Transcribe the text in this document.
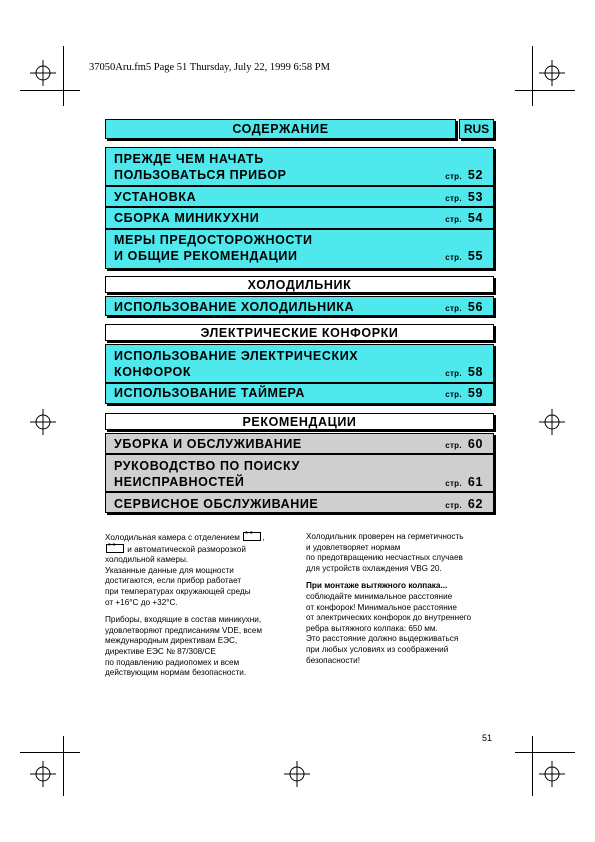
37050Aru.fm5 Page 51 Thursday, July 22, 1999 6:58 PM
СОДЕРЖАНИЕ	RUS
ПРЕЖДЕ ЧЕМ НАЧАТЬ
ПОЛЬЗОВАТЬСЯ ПРИБОР	стр. 52
УСТАНОВКА	стр. 53
СБОРКА МИНИКУХНИ	стр. 54
МЕРЫ ПРЕДОСТОРОЖНОСТИ
И ОБЩИЕ РЕКОМЕНДАЦИИ	стр. 55
ХОЛОДИЛЬНИК
ИСПОЛЬЗОВАНИЕ ХОЛОДИЛЬНИКА	стр. 56
ЭЛЕКТРИЧЕСКИЕ КОНФОРКИ
ИСПОЛЬЗОВАНИЕ ЭЛЕКТРИЧЕСКИХ
КОНФОРОК	стр. 58
ИСПОЛЬЗОВАНИЕ ТАЙМЕРА	стр. 59
РЕКОМЕНДАЦИИ
УБОРКА И ОБСЛУЖИВАНИЕ	стр. 60
РУКОВОДСТВО ПО ПОИСКУ
НЕИСПРАВНОСТЕЙ	стр. 61
СЕРВИСНОЕ ОБСЛУЖИВАНИЕ	стр. 62

Холодильная камера с отделением * *	,
* * и автоматической разморозкой
холодильной камеры.
Указанные данные для мощности
достигаются, если прибор работает
при температурах окружающей среды
от +16°C до +32°C.

Приборы, входящие в состав миникухни,
удовлетворяют предписаниям VDE, всем
международным директивам ЕЭС,
директиве ЕЭС № 87/308/CE
по подавлению радиопомех и всем
действующим нормам безопасности.

Холодильник проверен на герметичность
и удовлетворяет нормам
по предотвращению несчастных случаев
для устройств охлаждения VBG 20.

При монтаже вытяжного колпака...
соблюдайте минимальное расстояние
от конфорок! Минимальное расстояние
от электрических конфорок до внутреннего
ребра вытяжного колпака: 650 мм.
Это расстояние должно выдерживаться
при любых условиях из соображений
безопасности!

51
